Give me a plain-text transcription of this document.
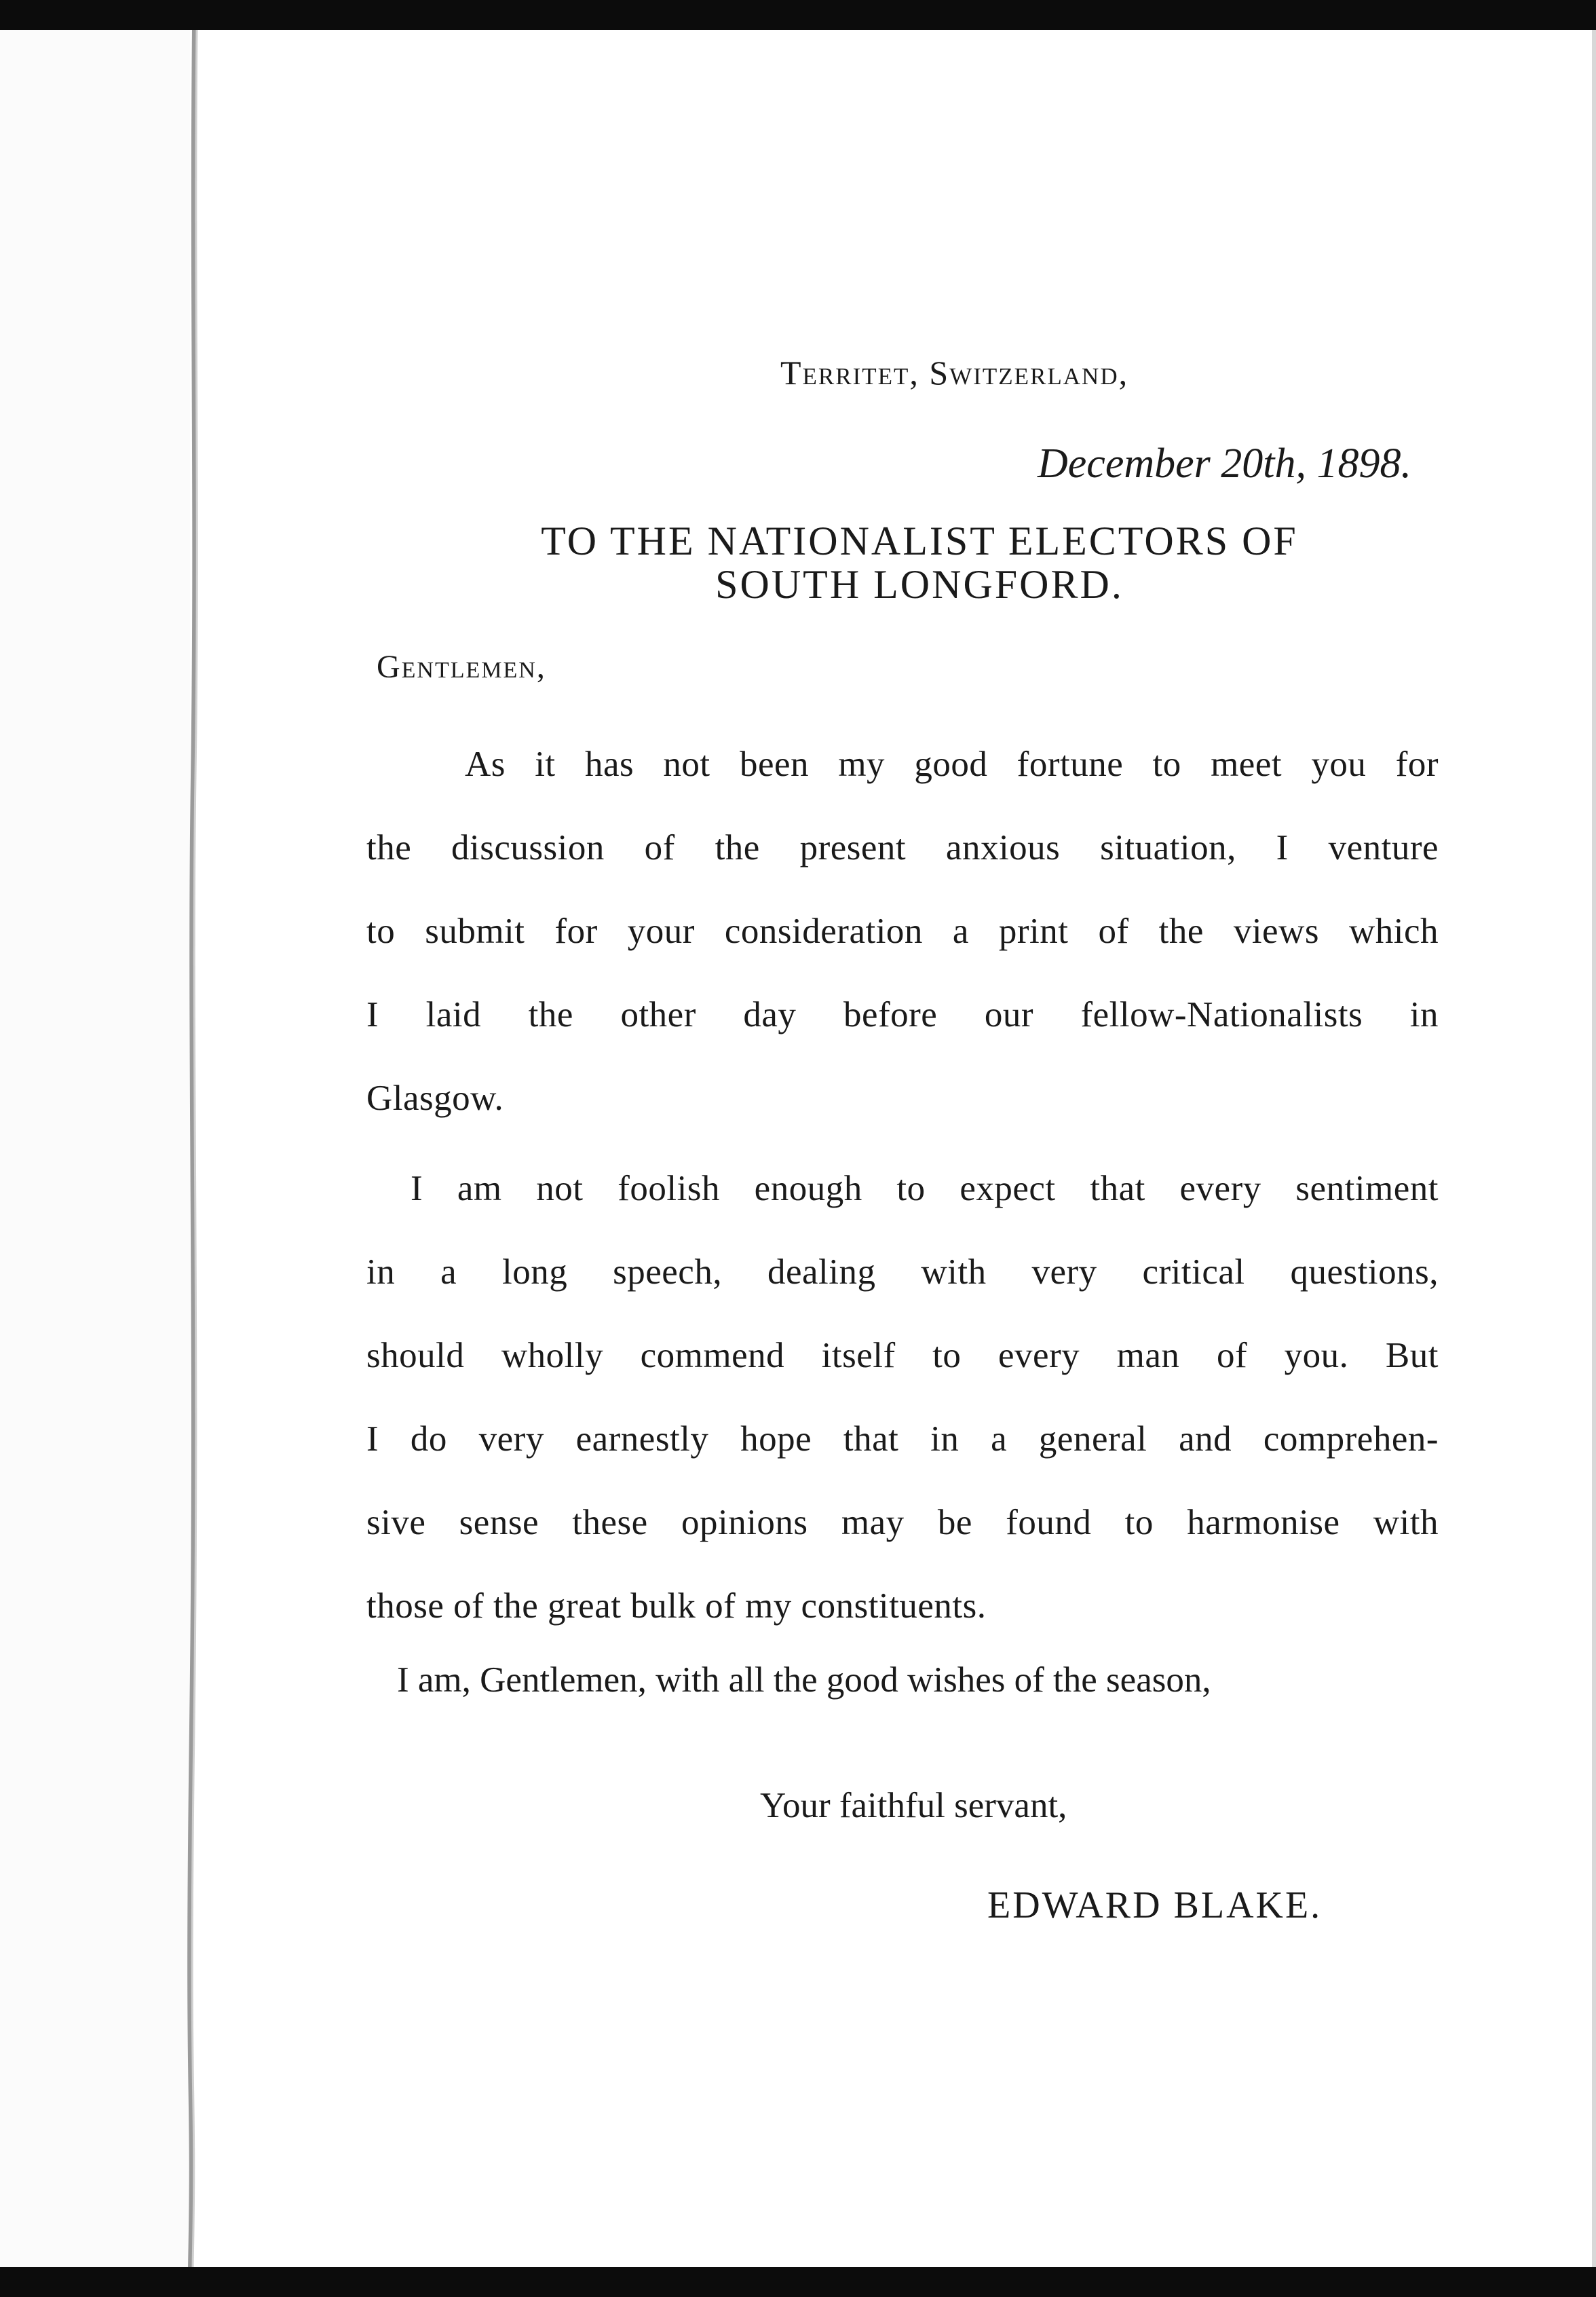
Territet, Switzerland,
December 20th, 1898.
TO THE NATIONALIST ELECTORS OF
SOUTH LONGFORD.
Gentlemen,
As it has not been my good fortune to meet you for
the discussion of the present anxious situation, I venture
to submit for your consideration a print of the views which
I laid the other day before our fellow-Nationalists in
Glasgow.
I am not foolish enough to expect that every sentiment
in a long speech, dealing with very critical questions,
should wholly commend itself to every man of you. But
I do very earnestly hope that in a general and comprehen-
sive sense these opinions may be found to harmonise with
those of the great bulk of my constituents.
I am, Gentlemen, with all the good wishes of the season,
Your faithful servant,
EDWARD BLAKE.
